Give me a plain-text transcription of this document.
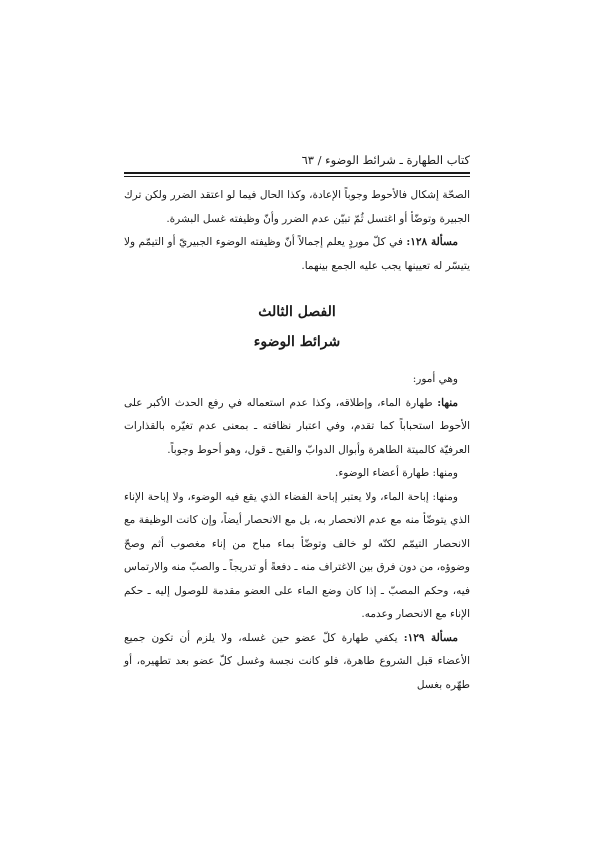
كتاب الطهارة ـ شرائط الوضوء / ٦٣

الصحّة إشكال فالأحوط وجوباً الإعادة، وكذا الحال فيما لو اعتقد الضرر ولكن ترك الجبيرة وتوضّأ أو اغتسل ثُمّ تبيّن عدم الضرر وأنّ وظيفته غسل البشرة.

مسألة ١٢٨: في كلّ موردٍ يعلم إجمالاً أنّ وظيفته الوضوء الجبيريّ أو التيمّم ولا يتيسّر له تعيينها يجب عليه الجمع بينهما.

الفصل الثالث
شرائط الوضوء

وهي أمور:

منها: طهارة الماء، وإطلاقه، وكذا عدم استعماله في رفع الحدث الأكبر على الأحوط استحباباً كما تقدم، وفي اعتبار نظافته ـ بمعنى عدم تغيّره بالقذارات العرفيّة كالميتة الطاهرة وأبوال الدوابّ والقيح ـ قول، وهو أحوط وجوباً.

ومنها: طهارة أعضاء الوضوء.

ومنها: إباحة الماء، ولا يعتبر إباحة الفضاء الذي يقع فيه الوضوء، ولا إباحة الإناء الذي يتوضّأ منه مع عدم الانحصار به، بل مع الانحصار أيضاً، وإن كانت الوظيفة مع الانحصار التيمّم لكنّه لو خالف وتوضّأ بماء مباح من إناء مغصوب أثم وصحّ وضوؤه، من دون فرق بين الاغتراف منه ـ دفعةً أو تدريجاً ـ والصبّ منه والارتماس فيه، وحكم المصبّ ـ إذا كان وضع الماء على العضو مقدمة للوصول إليه ـ حكم الإناء مع الانحصار وعدمه.

مسألة ١٢٩: يكفي طهارة كلّ عضو حين غسله، ولا يلزم أن تكون جميع الأعضاء قبل الشروع طاهرة، فلو كانت نجسة وغسل كلّ عضو بعد تطهيره، أو طهّره بغسل
